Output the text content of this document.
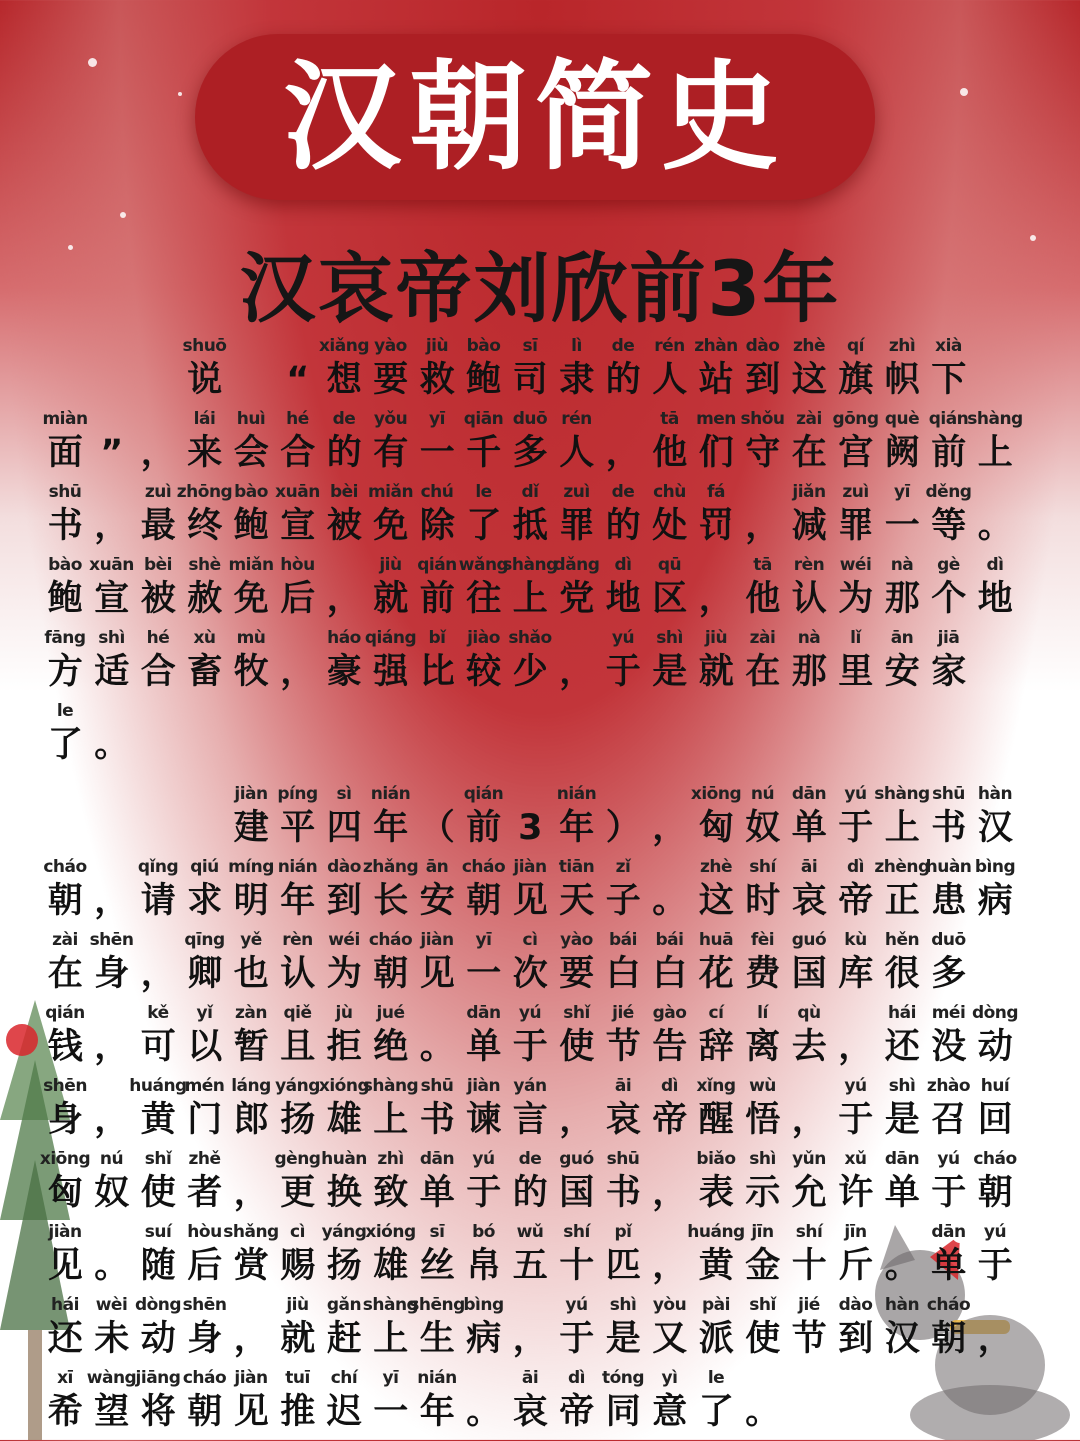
汉朝简史
汉哀帝刘欣前3年
shuō
说	“
xiǎng
想
yào
要
jiù
救
bào
鲍
sī
司
lì
隶
de
的
rén
人
zhàn
站
dào
到
zhè
这
qí
旗
zhì
帜
xià
下
miàn
面 ” ，
lái
来
huì
会
hé
合
de
的
yǒu
有
yī
一
qiān
千
duō
多
rén
人 ，
tā
他
men
们
shǒu
守
zài
在
gōng
宫
què
阙
qián
前
shàng
上
shū
书 ，
zuì
最
zhōng
终
bào
鲍
xuān
宣
bèi
被
miǎn
免
chú
除
le
了
dǐ
抵
zuì
罪
de
的
chù
处
fá
罚 ，
jiǎn
减
zuì
罪
yī
一
děng
等 。
bào
鲍
xuān
宣
bèi
被
shè
赦
miǎn
免
hòu
后 ，
jiù
就
qián
前
wǎng
往
shàng
上
dǎng
党
dì
地
qū
区 ，
tā
他
rèn
认
wéi
为
nà
那
gè
个
dì
地
fāng
方
shì
适
hé
合
xù
畜
mù
牧 ，
háo
豪
qiáng
强
bǐ
比
jiào
较
shǎo
少 ，
yú
于
shì
是
jiù
就
zài
在
nà
那
lǐ
里
ān
安
jiā
家
le
了 。
jiàn
建
píng
平
sì
四
nián
年 （
qián
前 3
nián
年 ） ，
xiōng
匈
nú
奴
dān
单
yú
于
shàng
上
shū
书
hàn
汉
cháo
朝 ，
qǐng
请
qiú
求
míng
明
nián
年
dào
到
zhǎng
长
ān
安
cháo
朝
jiàn
见
tiān
天
zǐ
子 。
zhè
这
shí
时
āi
哀
dì
帝
zhèng
正
huàn
患
bìng
病
zài
在
shēn
身 ，
qīng
卿
yě
也
rèn
认
wéi
为
cháo
朝
jiàn
见
yī
一
cì
次
yào
要
bái
白
bái
白
huā
花
fèi
费
guó
国
kù
库
hěn
很
duō
多
qián
钱 ，
kě
可
yǐ
以
zàn
暂
qiě
且
jù
拒
jué
绝 。
dān
单
yú
于
shǐ
使
jié
节
gào
告
cí
辞
lí
离
qù
去 ，
hái
还
méi
没
dòng
动
shēn
身 ，
huáng
黄
mén
门
láng
郎
yáng
扬
xióng
雄
shàng
上
shū
书
jiàn
谏
yán
言 ，
āi
哀
dì
帝
xǐng
醒
wù
悟 ，
yú
于
shì
是
zhào
召
huí
回
xiōng
匈
nú
奴
shǐ
使
zhě
者 ，
gèng
更
huàn
换
zhì
致
dān
单
yú
于
de
的
guó
国
shū
书 ，
biǎo
表
shì
示
yǔn
允
xǔ
许
dān
单
yú
于
cháo
朝
jiàn
见 。
suí
随
hòu
后
shǎng
赏
cì
赐
yáng
扬
xióng
雄
sī
丝
bó
帛
wǔ
五
shí
十
pǐ
匹 ，
huáng
黄
jīn
金
shí
十
jīn
斤 。
dān
单
yú
于
hái
还
wèi
未
dòng
动
shēn
身 ，
jiù
就
gǎn
赶
shàng
上
shēng
生
bìng
病 ，
yú
于
shì
是
yòu
又
pài
派
shǐ
使
jié
节
dào
到
hàn
汉
cháo
朝 ，
xī
希
wàng
望
jiāng
将
cháo
朝
jiàn
见
tuī
推
chí
迟
yī
一
nián
年 。
āi
哀
dì
帝
tóng
同
yì
意
le
了 。
